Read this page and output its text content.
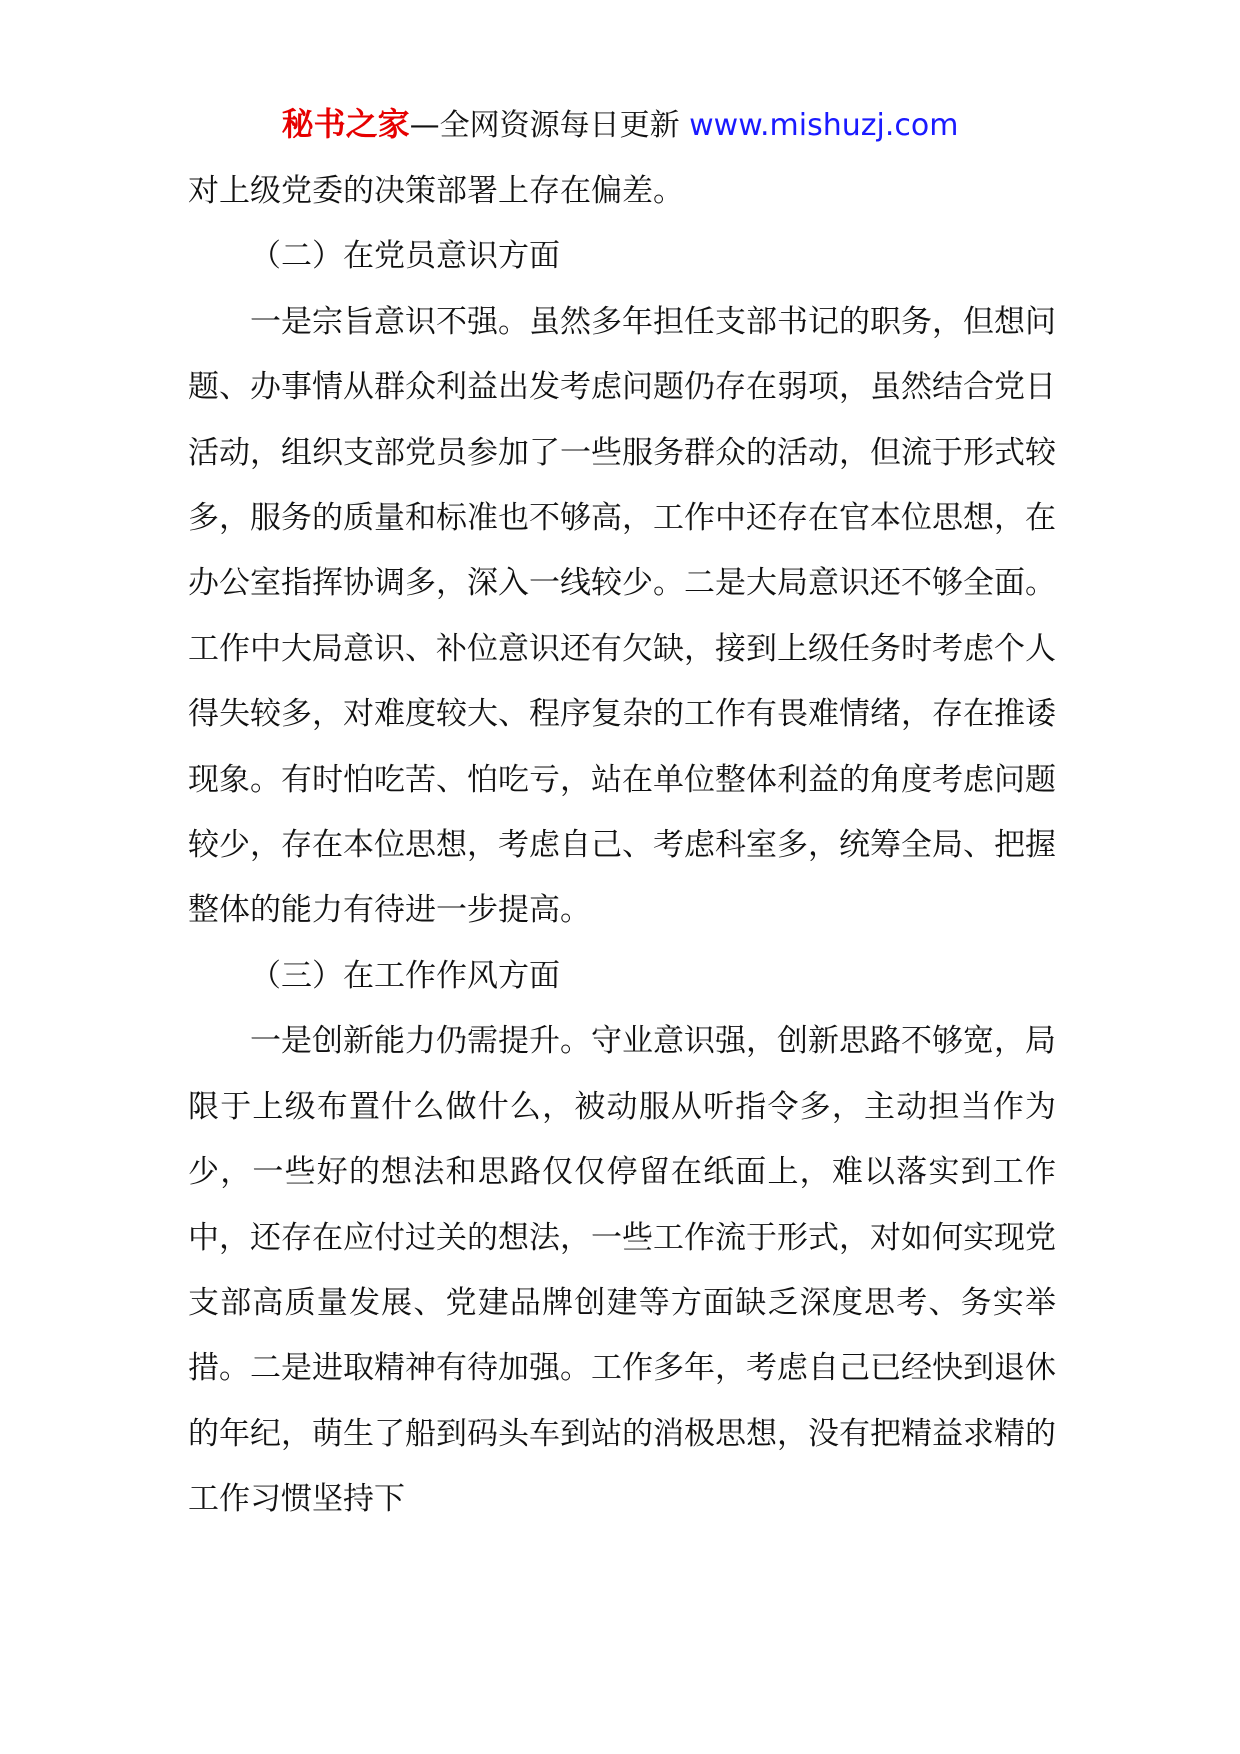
秘书之家—全网资源每日更新 www.mishuzj.com

对上级党委的决策部署上存在偏差。

（二）在党员意识方面

一是宗旨意识不强。虽然多年担任支部书记的职务，但想问题、办事情从群众利益出发考虑问题仍存在弱项，虽然结合党日活动，组织支部党员参加了一些服务群众的活动，但流于形式较多，服务的质量和标准也不够高，工作中还存在官本位思想，在办公室指挥协调多，深入一线较少。二是大局意识还不够全面。工作中大局意识、补位意识还有欠缺，接到上级任务时考虑个人得失较多，对难度较大、程序复杂的工作有畏难情绪，存在推诿现象。有时怕吃苦、怕吃亏，站在单位整体利益的角度考虑问题较少，存在本位思想，考虑自己、考虑科室多，统筹全局、把握整体的能力有待进一步提高。

（三）在工作作风方面

一是创新能力仍需提升。守业意识强，创新思路不够宽，局限于上级布置什么做什么，被动服从听指令多，主动担当作为少，一些好的想法和思路仅仅停留在纸面上，难以落实到工作中，还存在应付过关的想法，一些工作流于形式，对如何实现党支部高质量发展、党建品牌创建等方面缺乏深度思考、务实举措。二是进取精神有待加强。工作多年，考虑自己已经快到退休的年纪，萌生了船到码头车到站的消极思想，没有把精益求精的工作习惯坚持下
